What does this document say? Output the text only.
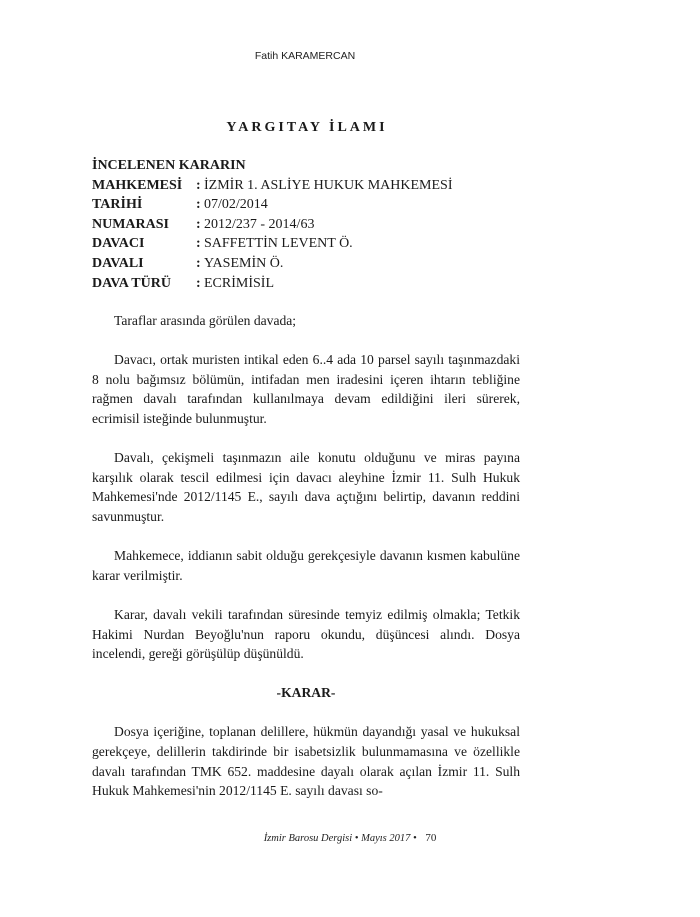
Fatih KARAMERCAN
YARGITAY İLAMI
İNCELENEN KARARIN
MAHKEMESİ : İZMİR 1. ASLİYE HUKUK MAHKEMESİ
TARİHİ	: 07/02/2014
NUMARASI	: 2012/237 - 2014/63
DAVACI	: SAFFETTİN LEVENT Ö.
DAVALI	: YASEMİN Ö.
DAVA TÜRÜ	: ECRİMİSİL

Taraflar arasında görülen davada;

Davacı, ortak muristen intikal eden 6..4 ada 10 parsel sayılı taşınmazdaki 8 nolu bağımsız bölümün, intifadan men iradesini içeren ihtarın tebliğine rağmen davalı tarafından kullanılmaya devam edildiğini ileri sürerek, ecrimisil isteğinde bulunmuştur.

Davalı, çekişmeli taşınmazın aile konutu olduğunu ve miras payına karşılık olarak tescil edilmesi için davacı aleyhine İzmir 11. Sulh Hukuk Mahkemesi'nde 2012/1145 E., sayılı dava açtığını belirtip, davanın reddini savunmuştur.

Mahkemece, iddianın sabit olduğu gerekçesiyle davanın kısmen kabulüne karar verilmiştir.

Karar, davalı vekili tarafından süresinde temyiz edilmiş olmakla; Tetkik Hakimi Nurdan Beyoğlu'nun raporu okundu, düşüncesi alındı. Dosya incelendi, gereği görüşülüp düşünüldü.

-KARAR-

Dosya içeriğine, toplanan delillere, hükmün dayandığı yasal ve hukuksal gerekçeye, delillerin takdirinde bir isabetsizlik bulunmamasına ve özellikle davalı tarafından TMK 652. maddesine dayalı olarak açılan İzmir 11. Sulh Hukuk Mahkemesi'nin 2012/1145 E. sayılı davası so-

İzmir Barosu Dergisi • Mayıs 2017 • 70
